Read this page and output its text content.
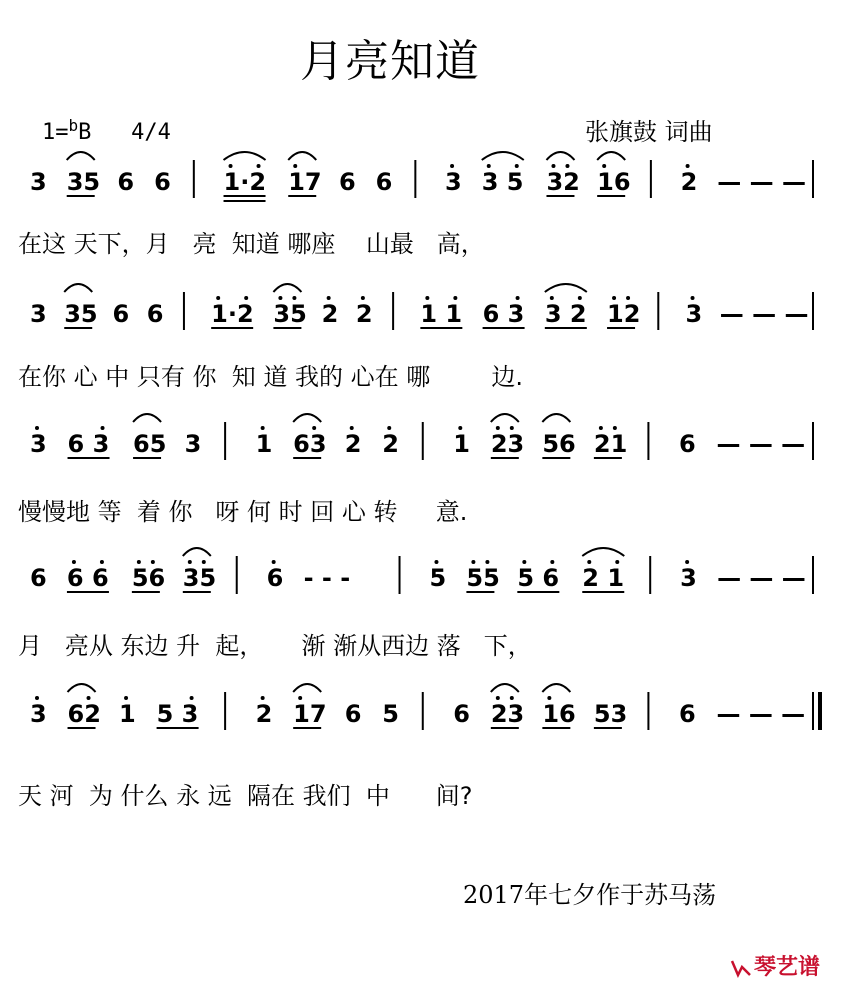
月亮知道
1=$^b$B 4/4	张旗鼓 词曲
3 35 6 6 1·2 17 6 6 3 3 5 32 16 2 — — —
3 35 6 6 1·2 35 2 2 1 1 6 3 3 2 12 3 — — —
3 6 3 65 3 1 63 2 2 1 23 56 21 6 — — —
6 6 6 56 35 6 - - -	5 55 5 6 2 1 3 — — —
3 62 1 5 3 2 17 6 5 6 23 16 53 6 — — —
在这 天下，月   亮  知道 哪座    山最   高，
在你 心 中 只有 你  知 道 我的 心在 哪        边.
慢慢地 等  着 你   呀 何 时 回 心 转     意.
月   亮从 东边 升  起，     渐 渐从西边 落   下，
天 河  为 什么 永 远  隔在 我们  中      间?
2017年七夕作于苏马荡
琴艺谱
